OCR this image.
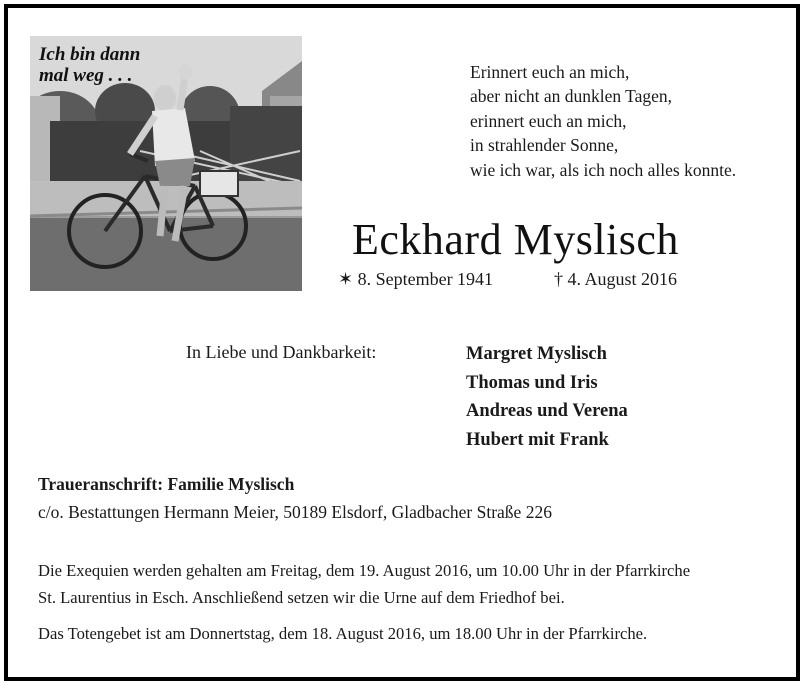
Ich bin dann
mal weg . . .	Erinnert euch an mich,
aber nicht an dunklen Tagen,
erinnert euch an mich,
in strahlender Sonne,
wie ich war, als ich noch alles konnte.
Eckhard Myslisch
✶ 8. September 1941	† 4. August 2016
In Liebe und Dankbarkeit:	Margret Myslisch
Thomas und Iris
Andreas und Verena
Hubert mit Frank
Traueranschrift: Familie Myslisch
c/o. Bestattungen Hermann Meier, 50189 Elsdorf, Gladbacher Straße 226
Die Exequien werden gehalten am Freitag, dem 19. August 2016, um 10.00 Uhr in der Pfarrkirche
St. Laurentius in Esch. Anschließend setzen wir die Urne auf dem Friedhof bei.
Das Totengebet ist am Donnertstag, dem 18. August 2016, um 18.00 Uhr in der Pfarrkirche.
